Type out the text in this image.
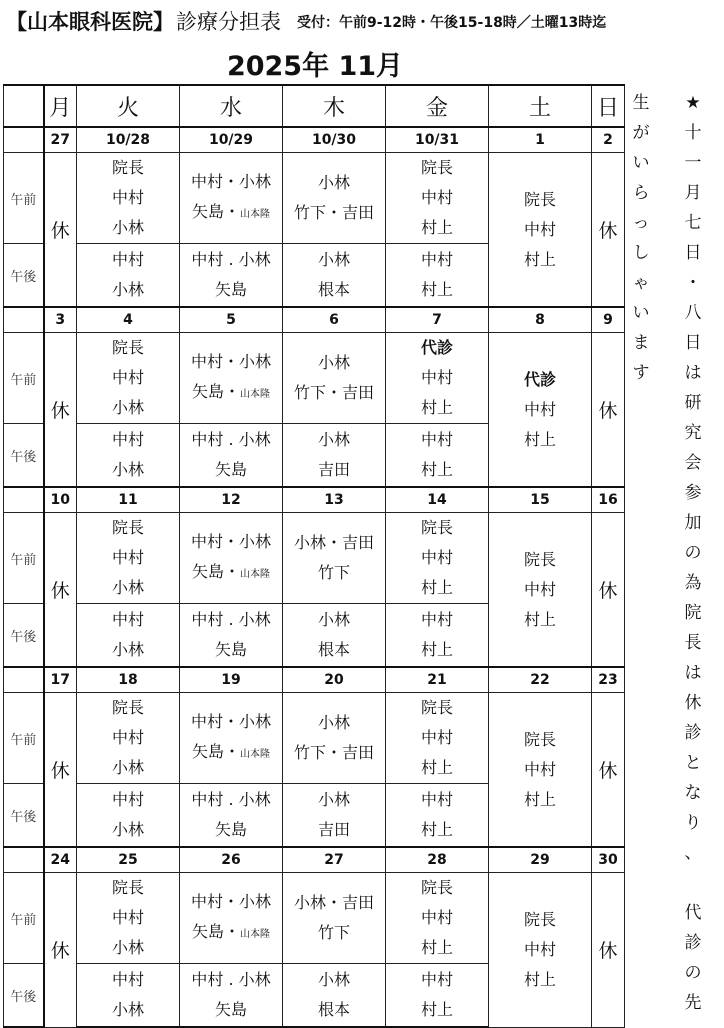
【山本眼科医院】診療分担表 受付：午前9-12時・午後15-18時／土曜13時迄
2025年 11月
	月	火	水	木	金	土	日
	27	10/28	10/29	10/30	10/31	1	2
午前	休	院長
中村
小林	中村・小林
矢島・山本隆	小林
竹下・吉田	院長
中村
村上	院長
中村
村上	休
午後		中村
小林	中村 . 小林
矢島	小林
根本	中村
村上		

	3	4	5	6	7	8	9
午前	休	院長
中村
小林	中村・小林
矢島・山本隆	小林
竹下・吉田	代診
中村
村上	代診
中村
村上	休
午後		中村
小林	中村 . 小林
矢島	小林
吉田	中村
村上		

	10	11	12	13	14	15	16
午前	休	院長
中村
小林	中村・小林
矢島・山本隆	小林・吉田
竹下	院長
中村
村上	院長
中村
村上	休
午後		中村
小林	中村 . 小林
矢島	小林
根本	中村
村上		

	17	18	19	20	21	22	23
午前	休	院長
中村
小林	中村・小林
矢島・山本隆	小林
竹下・吉田	院長
中村
村上	院長
中村
村上	休
午後		中村
小林	中村 . 小林
矢島	小林
吉田	中村
村上		

	24	25	26	27	28	29	30
午前	休	院長
中村
小林	中村・小林
矢島・山本隆	小林・吉田
竹下	院長
中村
村上	院長
中村
村上	休
午後		中村
小林	中村 . 小林
矢島	小林
根本	中村
村上		
★
十
一
月
七
日
・
八
日
は
研
究
会
参
加
の
為
院
長
は
休
診
と
な
り
、

代
診
の
先
生
が
い
ら
っ
し
ゃ
い
ま
す
